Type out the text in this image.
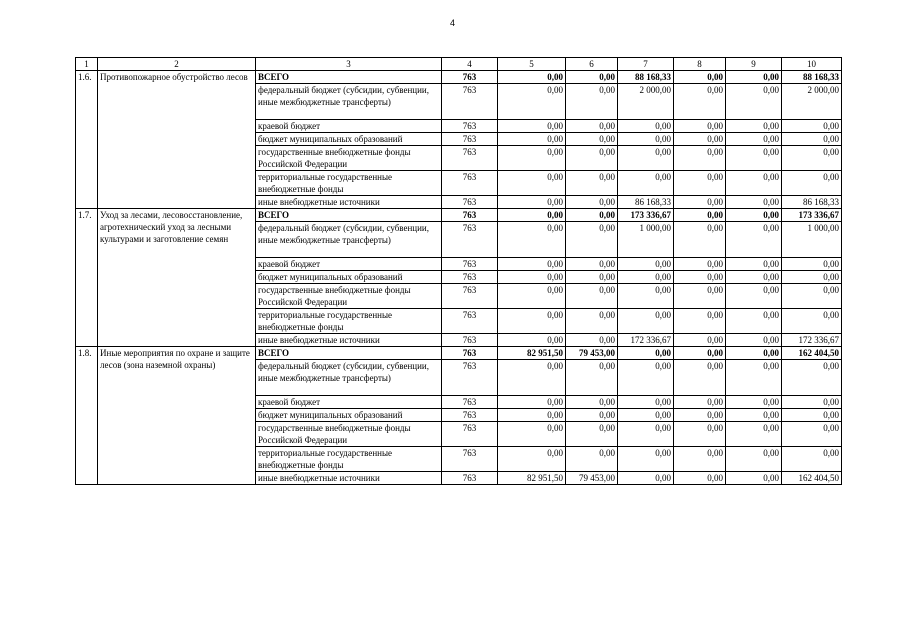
4
1	2	3	4	5	6	7	8	9	10
1.6.	Противопожарное обустройство лесов	ВСЕГО	763	0,00	0,00	88 168,33	0,00	0,00	88 168,33
		федеральный бюджет (субсидии, субвенции, иные межбюджетные трансферты)	763	0,00	0,00	2 000,00	0,00	0,00	2 000,00
		краевой бюджет	763	0,00	0,00	0,00	0,00	0,00	0,00
		бюджет муниципальных образований	763	0,00	0,00	0,00	0,00	0,00	0,00
		государственные внебюджетные фонды Российской Федерации	763	0,00	0,00	0,00	0,00	0,00	0,00
		территориальные государственные внебюджетные фонды	763	0,00	0,00	0,00	0,00	0,00	0,00
		иные внебюджетные источники	763	0,00	0,00	86 168,33	0,00	0,00	86 168,33
1.7.	Уход за лесами, лесовосстановление, агротехнический уход за лесными культурами и заготовление семян	ВСЕГО	763	0,00	0,00	173 336,67	0,00	0,00	173 336,67
		федеральный бюджет (субсидии, субвенции, иные межбюджетные трансферты)	763	0,00	0,00	1 000,00	0,00	0,00	1 000,00
		краевой бюджет	763	0,00	0,00	0,00	0,00	0,00	0,00
		бюджет муниципальных образований	763	0,00	0,00	0,00	0,00	0,00	0,00
		государственные внебюджетные фонды Российской Федерации	763	0,00	0,00	0,00	0,00	0,00	0,00
		территориальные государственные внебюджетные фонды	763	0,00	0,00	0,00	0,00	0,00	0,00
		иные внебюджетные источники	763	0,00	0,00	172 336,67	0,00	0,00	172 336,67
1.8.	Иные мероприятия по охране и защите лесов (зона наземной охраны)	ВСЕГО	763	82 951,50	79 453,00	0,00	0,00	0,00	162 404,50
		федеральный бюджет (субсидии, субвенции, иные межбюджетные трансферты)	763	0,00	0,00	0,00	0,00	0,00	0,00
		краевой бюджет	763	0,00	0,00	0,00	0,00	0,00	0,00
		бюджет муниципальных образований	763	0,00	0,00	0,00	0,00	0,00	0,00
		государственные внебюджетные фонды Российской Федерации	763	0,00	0,00	0,00	0,00	0,00	0,00
		территориальные государственные внебюджетные фонды	763	0,00	0,00	0,00	0,00	0,00	0,00
		иные внебюджетные источники	763	82 951,50	79 453,00	0,00	0,00	0,00	162 404,50
